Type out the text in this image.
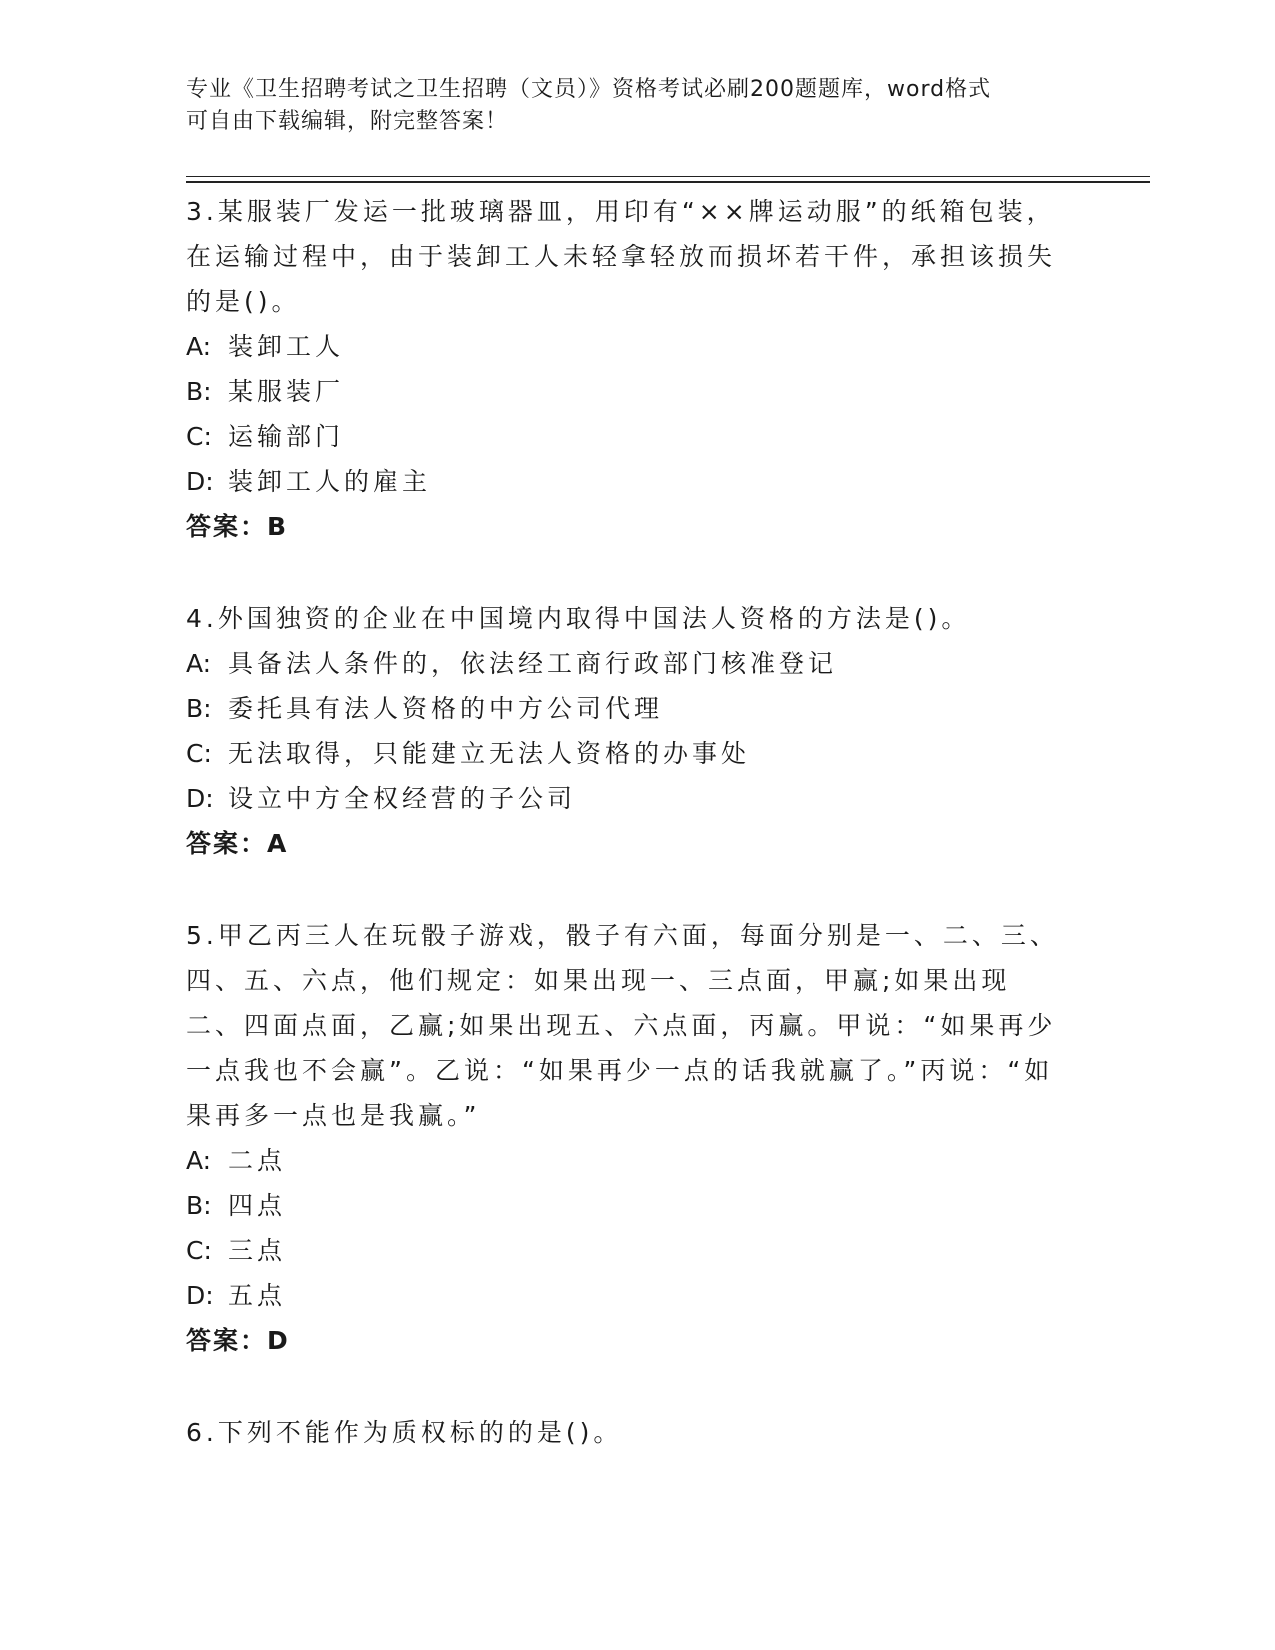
专业《卫生招聘考试之卫生招聘（文员）》资格考试必刷200题题库，word格式
可自由下载编辑，附完整答案！

3.某服装厂发运一批玻璃器皿，用印有“××牌运动服”的纸箱包装，在运输过程中，由于装卸工人未轻拿轻放而损坏若干件，承担该损失的是()。

A: 装卸工人

B: 某服装厂

C: 运输部门

D: 装卸工人的雇主

答案：B

4.外国独资的企业在中国境内取得中国法人资格的方法是()。

A: 具备法人条件的，依法经工商行政部门核准登记

B: 委托具有法人资格的中方公司代理

C: 无法取得，只能建立无法人资格的办事处

D: 设立中方全权经营的子公司

答案：A

5.甲乙丙三人在玩骰子游戏，骰子有六面，每面分别是一、二、三、四、五、六点，他们规定：如果出现一、三点面，甲赢;如果出现二、四面点面，乙赢;如果出现五、六点面，丙赢。甲说：“如果再少一点我也不会赢”。乙说：“如果再少一点的话我就赢了。”丙说：“如果再多一点也是我赢。”

A: 二点

B: 四点

C: 三点

D: 五点

答案：D

6.下列不能作为质权标的的是()。
